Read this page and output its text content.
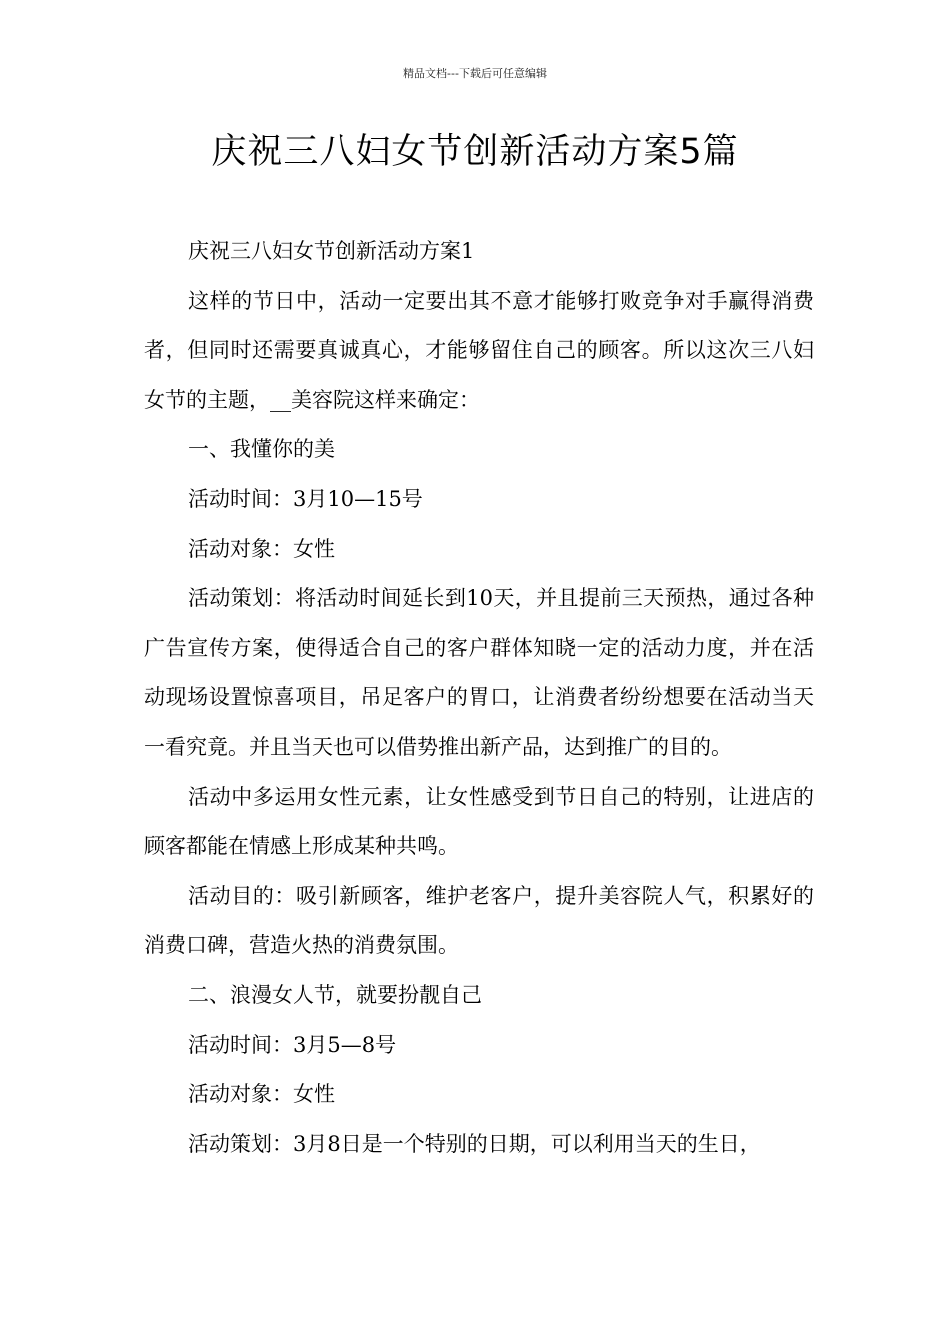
精品文档---下载后可任意编辑
庆祝三八妇女节创新活动方案5篇

庆祝三八妇女节创新活动方案1

这样的节日中，活动一定要出其不意才能够打败竞争对手赢得消费者，但同时还需要真诚真心，才能够留住自己的顾客。所以这次三八妇女节的主题，__美容院这样来确定：

一、我懂你的美

活动时间：3月10—15号

活动对象：女性

活动策划：将活动时间延长到10天，并且提前三天预热，通过各种广告宣传方案，使得适合自己的客户群体知晓一定的活动力度，并在活动现场设置惊喜项目，吊足客户的胃口，让消费者纷纷想要在活动当天一看究竟。并且当天也可以借势推出新产品，达到推广的目的。

活动中多运用女性元素，让女性感受到节日自己的特别，让进店的顾客都能在情感上形成某种共鸣。

活动目的：吸引新顾客，维护老客户，提升美容院人气，积累好的消费口碑，营造火热的消费氛围。

二、浪漫女人节，就要扮靓自己

活动时间：3月5—8号

活动对象：女性

活动策划：3月8日是一个特别的日期，可以利用当天的生日，
